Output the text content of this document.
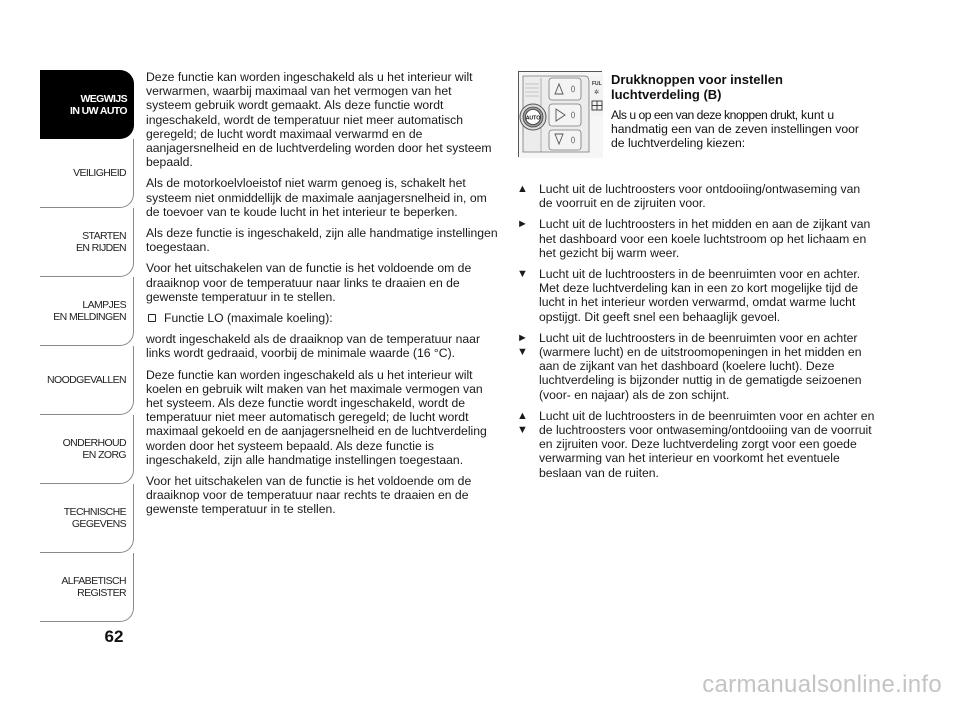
WEGWIJS
IN UW AUTO
VEILIGHEID
STARTEN
EN RIJDEN
LAMPJES
EN MELDINGEN
NOODGEVALLEN
ONDERHOUD
EN ZORG
TECHNISCHE
GEGEVENS
ALFABETISCH
REGISTER
62

Deze functie kan worden ingeschakeld als u het interieur wilt verwarmen, waarbij maximaal van het vermogen van het systeem gebruik wordt gemaakt. Als deze functie wordt ingeschakeld, wordt de temperatuur niet meer automatisch geregeld; de lucht wordt maximaal verwarmd en de aanjagersnelheid en de luchtverdeling worden door het systeem bepaald.

Als de motorkoelvloeistof niet warm genoeg is, schakelt het systeem niet onmiddellijk de maximale aanjagersnelheid in, om de toevoer van te koude lucht in het interieur te beperken.

Als deze functie is ingeschakeld, zijn alle handmatige instellingen toegestaan.

Voor het uitschakelen van de functie is het voldoende om de draaiknop voor de temperatuur naar links te draaien en de gewenste temperatuur in te stellen.

Functie LO (maximale koeling):

wordt ingeschakeld als de draaiknop van de temperatuur naar links wordt gedraaid, voorbij de minimale waarde (16 °C).

Deze functie kan worden ingeschakeld als u het interieur wilt koelen en gebruik wilt maken van het maximale vermogen van het systeem. Als deze functie wordt ingeschakeld, wordt de temperatuur niet meer automatisch geregeld; de lucht wordt maximaal gekoeld en de aanjagersnelheid en de luchtverdeling worden door het systeem bepaald. Als deze functie is ingeschakeld, zijn alle handmatige instellingen toegestaan.

Voor het uitschakelen van de functie is het voldoende om de draaiknop voor de temperatuur naar rechts te draaien en de gewenste temperatuur in te stellen.

AUTO
FUL
✲
Drukknoppen voor instellen luchtverdeling (B)

Als u op een van deze knoppen drukt, kunt u handmatig een van de zeven instellingen voor de luchtverdeling kiezen:

▲ Lucht uit de luchtroosters voor ontdooiing/ontwaseming van de voorruit en de zijruiten voor.
► Lucht uit de luchtroosters in het midden en aan de zijkant van het dashboard voor een koele luchtstroom op het lichaam en het gezicht bij warm weer.
▼ Lucht uit de luchtroosters in de beenruimten voor en achter. Met deze luchtverdeling kan in een zo kort mogelijke tijd de lucht in het interieur worden verwarmd, omdat warme lucht opstijgt. Dit geeft snel een behaaglijk gevoel.
►
▼
Lucht uit de luchtroosters in de beenruimten voor en achter (warmere lucht) en de uitstroomopeningen in het midden en aan de zijkant van het dashboard (koelere lucht). Deze luchtverdeling is bijzonder nuttig in de gematigde seizoenen (voor- en najaar) als de zon schijnt.
▲
▼
Lucht uit de luchtroosters in de beenruimten voor en achter en de luchtroosters voor ontwaseming/ontdooiing van de voorruit en zijruiten voor. Deze luchtverdeling zorgt voor een goede verwarming van het interieur en voorkomt het eventuele beslaan van de ruiten.
carmanualsonline.info
